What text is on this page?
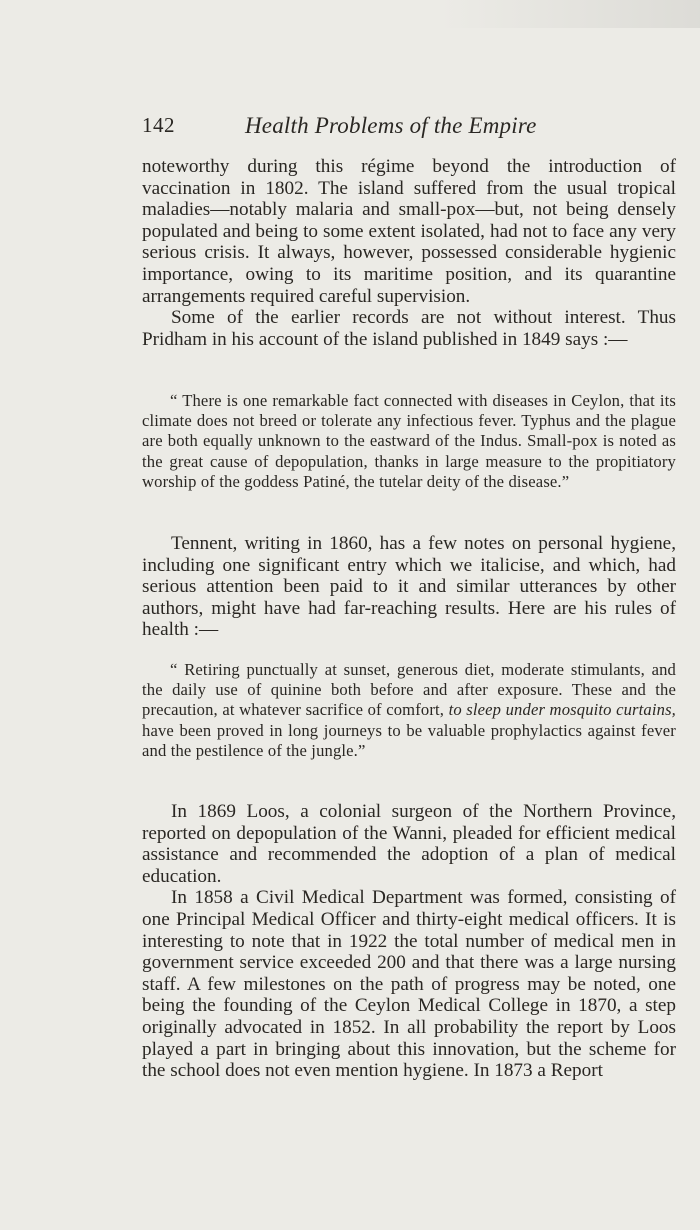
142	Health Problems of the Empire

noteworthy during this régime beyond the introduction of vaccination in 1802. The island suffered from the usual tropical maladies—notably malaria and small-pox—but, not being densely populated and being to some extent isolated, had not to face any very serious crisis. It always, however, possessed considerable hygienic importance, owing to its maritime position, and its quarantine arrangements required careful supervision.

Some of the earlier records are not without interest. Thus Pridham in his account of the island published in 1849 says :—

“ There is one remarkable fact connected with diseases in Ceylon, that its climate does not breed or tolerate any infectious fever. Typhus and the plague are both equally unknown to the eastward of the Indus. Small-pox is noted as the great cause of depopulation, thanks in large measure to the propitiatory worship of the goddess Patiné, the tutelar deity of the disease.”

Tennent, writing in 1860, has a few notes on personal hygiene, including one significant entry which we italicise, and which, had serious attention been paid to it and similar utterances by other authors, might have had far-reaching results. Here are his rules of health :—

“ Retiring punctually at sunset, generous diet, moderate stimulants, and the daily use of quinine both before and after exposure. These and the precaution, at whatever sacrifice of comfort, to sleep under mosquito curtains, have been proved in long journeys to be valuable prophylactics against fever and the pestilence of the jungle.”

In 1869 Loos, a colonial surgeon of the Northern Province, reported on depopulation of the Wanni, pleaded for efficient medical assistance and recommended the adoption of a plan of medical education.

In 1858 a Civil Medical Department was formed, consisting of one Principal Medical Officer and thirty-eight medical officers. It is interesting to note that in 1922 the total number of medical men in government service exceeded 200 and that there was a large nursing staff. A few milestones on the path of progress may be noted, one being the founding of the Ceylon Medical College in 1870, a step originally advocated in 1852. In all probability the report by Loos played a part in bringing about this innovation, but the scheme for the school does not even mention hygiene. In 1873 a Report
